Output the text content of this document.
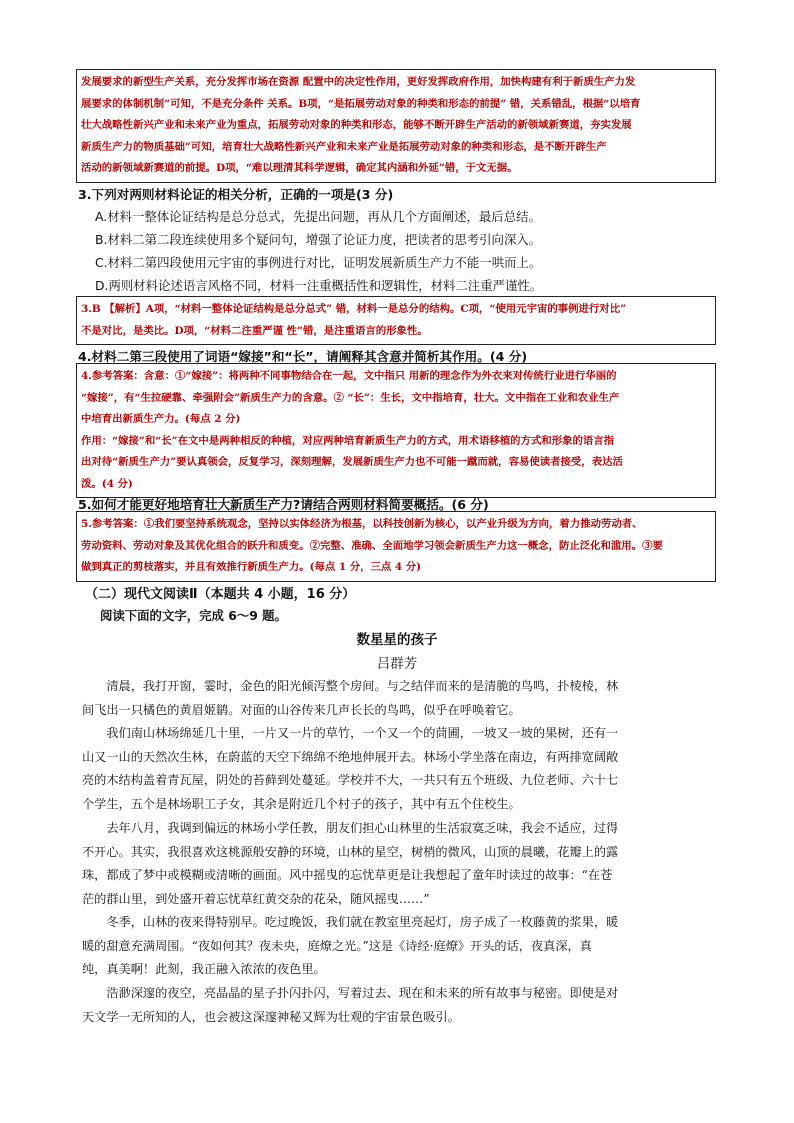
发展要求的新型生产关系，充分发挥市场在资源 配置中的决定性作用，更好发挥政府作用，加快构建有利于新质生产力发
展要求的体制机制”可知，不是充分条件 关系。B项，“是拓展劳动对象的种类和形态的前提” 错，关系错乱，根据“以培育
壮大战略性新兴产业和未来产业为重点，拓展劳动对象的种类和形态，能够不断开辟生产活动的新领域新赛道，夯实发展
新质生产力的物质基础”可知，培育壮大战略性新兴产业和未来产业是拓展劳动对象的种类和形态，是不断开辟生产
活动的新领域新赛道的前提。D项，“难以理清其科学逻辑，确定其内涵和外延”错，于文无据。
3.下列对两则材料论证的相关分析，正确的一项是(3 分)
A.材料一整体论证结构是总分总式，先提出问题，再从几个方面阐述，最后总结。
B.材料二第二段连续使用多个疑问句，增强了论证力度，把读者的思考引向深入。
C.材料二第四段使用元宇宙的事例进行对比，证明发展新质生产力不能一哄而上。
D.两则材料论述语言风格不同，材料一注重概括性和逻辑性，材料二注重严谨性。
3.B 【解析】A项，“材料一整体论证结构是总分总式” 错，材料一是总分的结构。C项，“使用元宇宙的事例进行对比”
不是对比，是类比。D项，“材料二注重严谨 性”错，是注重语言的形象性。
4.材料二第三段使用了词语“嫁接”和“长”，请阐释其含意并简析其作用。(4 分)
4.参考答案：含意：①“嫁接”：将两种不同事物结合在一起，文中指只 用新的理念作为外衣来对传统行业进行华丽的
“嫁接”，有“生拉硬靠、牵强附会”新质生产力的含意。② “长”：生长，文中指培育，壮大。文中指在工业和农业生产
中培育出新质生产力。(每点 2 分)
作用：“嫁接”和“长”在文中是两种相反的种植，对应两种培育新质生产力的方式，用术语移植的方式和形象的语言指
出对待“新质生产力”要认真领会，反复学习，深刻理解，发展新质生产力也不可能一蹴而就，容易使读者接受，表达活
泼。(4 分)
5.如何才能更好地培育壮大新质生产力?请结合两则材料简要概括。(6 分)
5.参考答案：①我们要坚持系统观念，坚持以实体经济为根基，以科技创新为核心，以产业升级为方向，着力推动劳动者、
劳动资料、劳动对象及其优化组合的跃升和质变。②完整、准确、全面地学习领会新质生产力这一概念，防止泛化和滥用。③要
做到真正的剪枝落实，并且有效推行新质生产力。(每点 1 分，三点 4 分)
（二）现代文阅读Ⅱ（本题共 4 小题，16 分）
阅读下面的文字，完成 6～9 题。
数星星的孩子
吕群芳
　　清晨，我打开窗，霎时，金色的阳光倾泻整个房间。与之结伴而来的是清脆的鸟鸣，扑棱棱，林
间飞出一只橘色的黄眉姬鹟。对面的山谷传来几声长长的鸟鸣，似乎在呼唤着它。
　　我们南山林场绵延几十里，一片又一片的草竹，一个又一个的茼圃，一坡又一坡的果树，还有一
山又一山的天然次生林，在蔚蓝的天空下绵绵不绝地伸展开去。林场小学坐落在南边，有两排宽阔敞
亮的木结构盖着青瓦屋，阴处的苔藓到处蔓延。学校并不大，一共只有五个班级、九位老师、六十七
个学生，五个是林场职工子女，其余是附近几个村子的孩子，其中有五个住校生。
　　去年八月，我调到偏远的林场小学任教，朋友们担心山林里的生活寂寞乏味，我会不适应，过得
不开心。其实，我很喜欢这桃源般安静的环境，山林的星空，树梢的微风，山顶的晨曦，花瓣上的露
珠，都成了梦中或模糊或清晰的画面。风中摇曳的忘忧草更是让我想起了童年时读过的故事：“在苍
茫的群山里，到处盛开着忘忧草红黄交杂的花朵，随风摇曳……”
　　冬季，山林的夜来得特别早。吃过晚饭，我们就在教室里亮起灯，房子成了一枚藤黄的浆果，暖
暖的甜意充满周围。“夜如何其？夜未央，庭燎之光。”这是《诗经·庭燎》开头的话，夜真深，真
纯，真美啊！此刻，我正融入浓浓的夜色里。
　　浩渺深邃的夜空，亮晶晶的星子扑闪扑闪，写着过去、现在和未来的所有故事与秘密。即使是对
天文学一无所知的人，也会被这深邃神秘又辉为壮观的宇宙景色吸引。
